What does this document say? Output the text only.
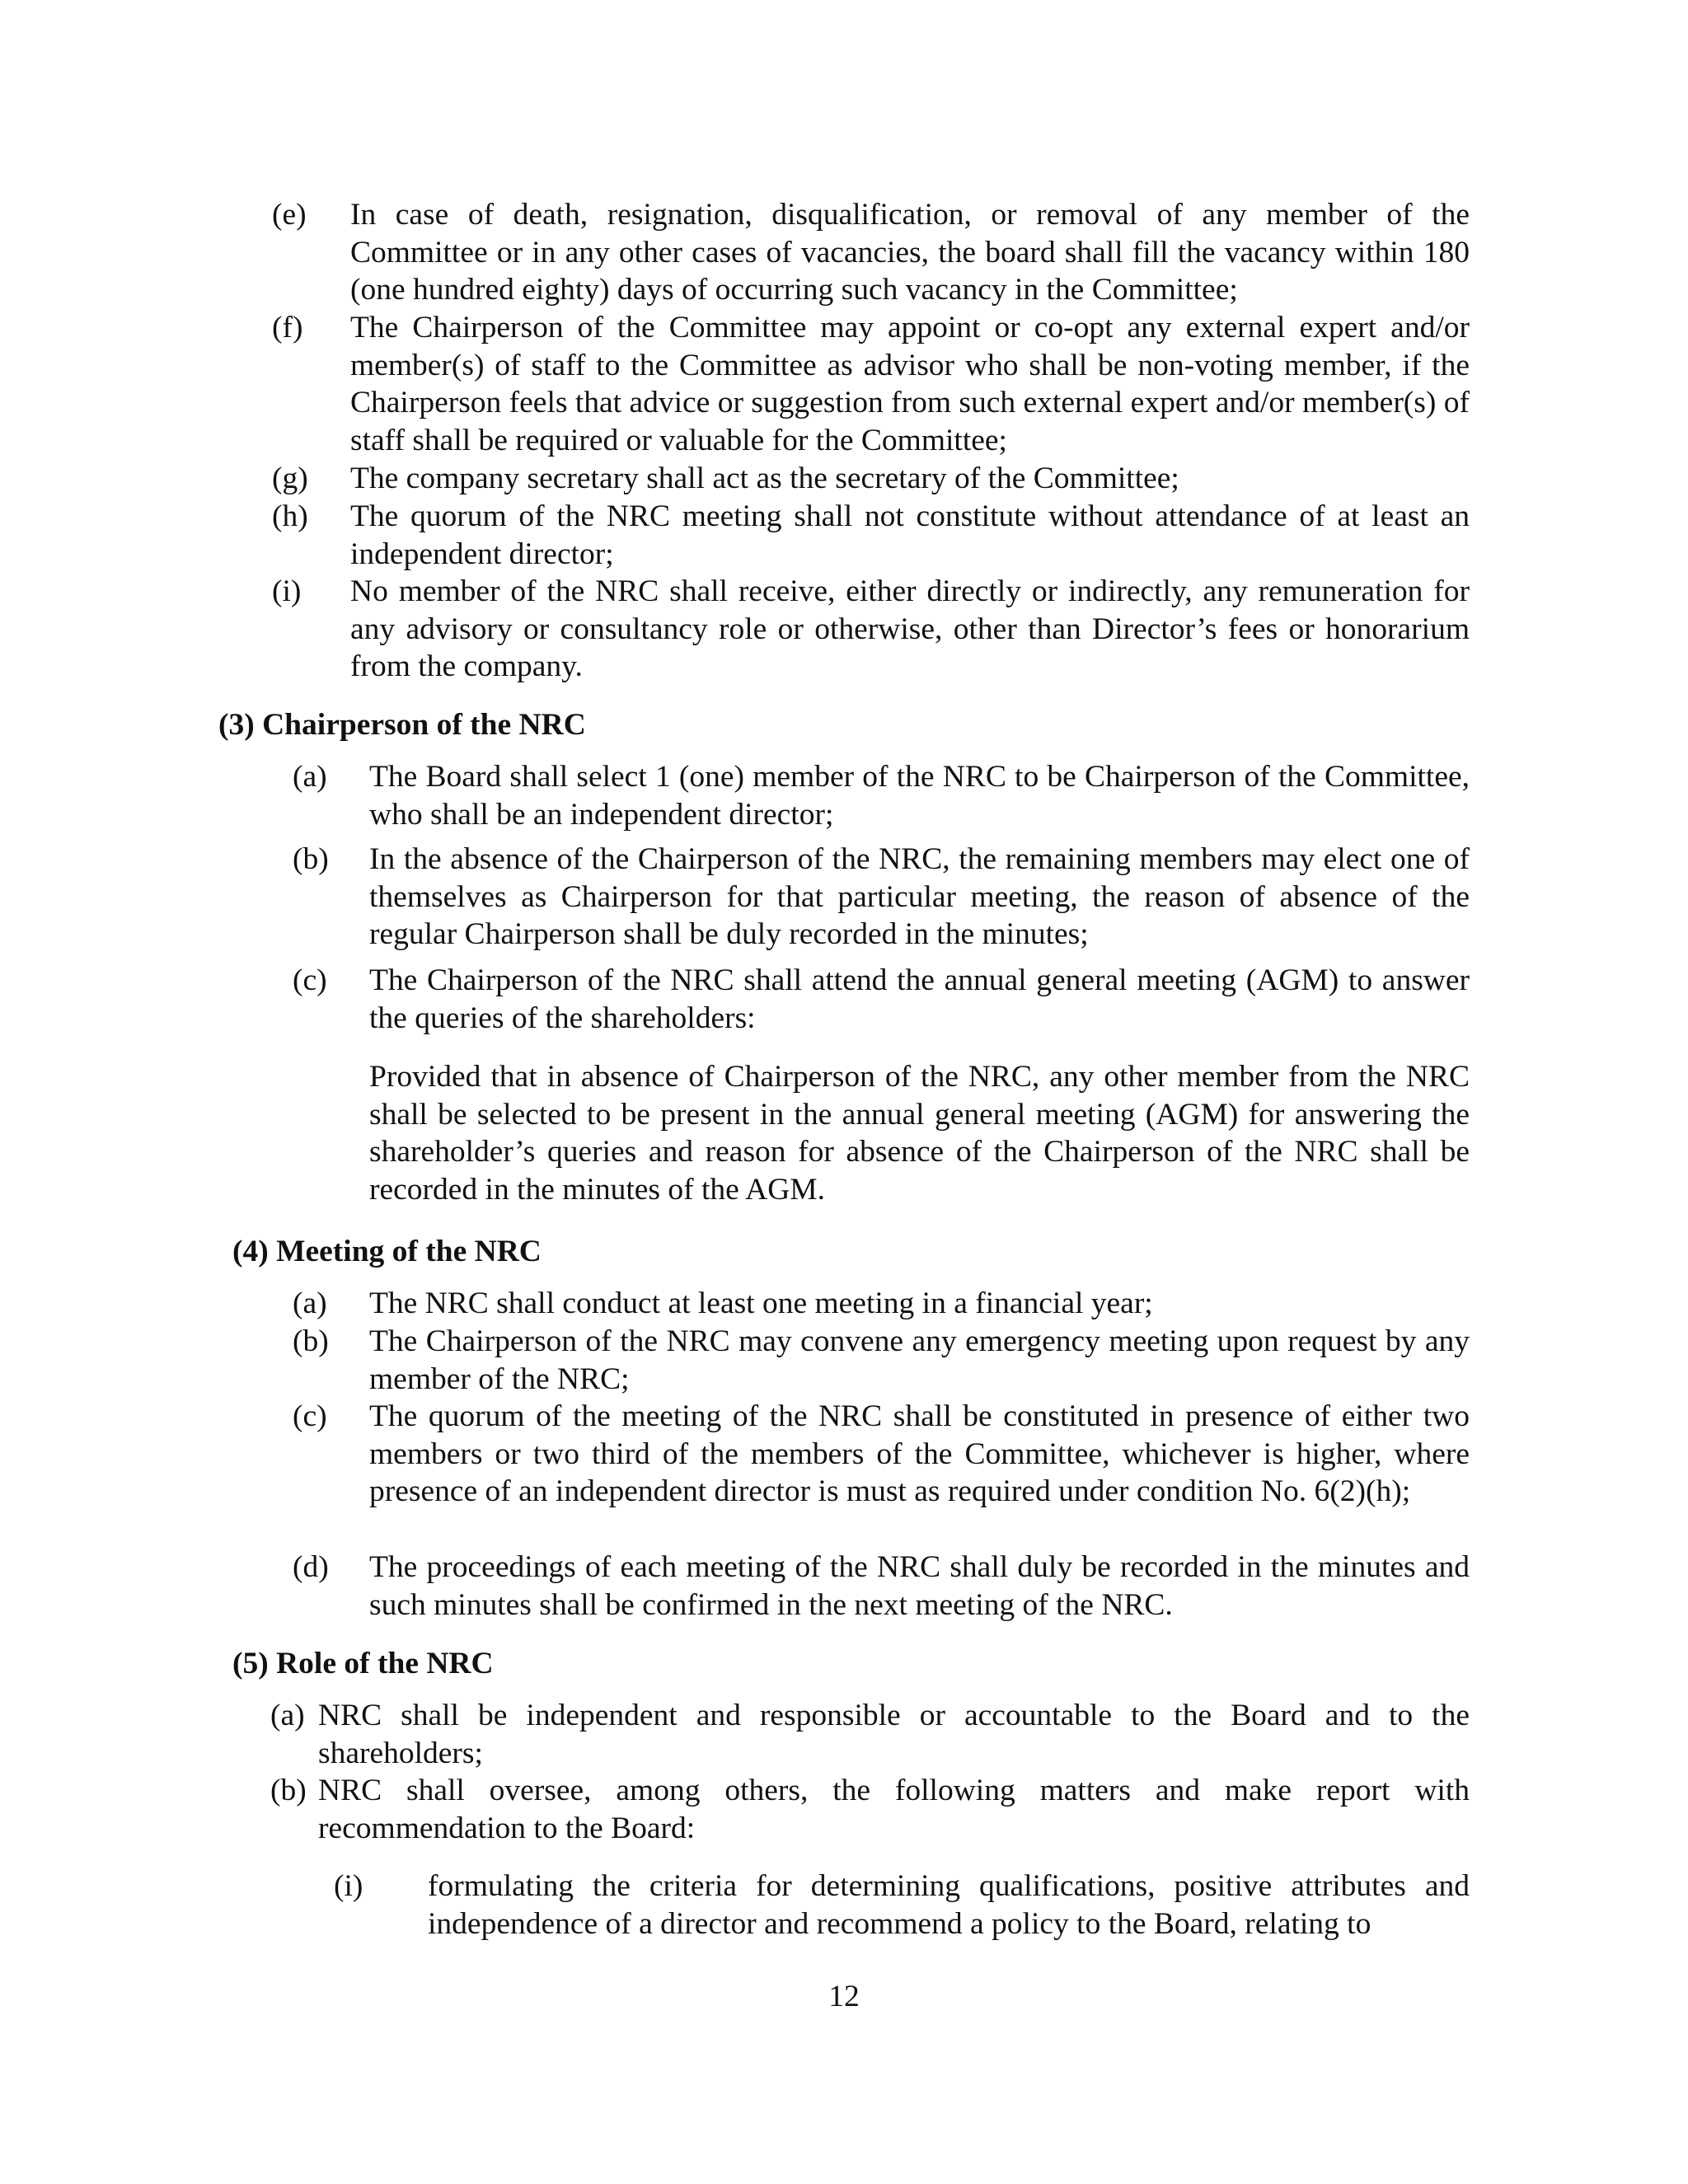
(e)	In case of death, resignation, disqualification, or removal of any member of the Committee or in any other cases of vacancies, the board shall fill the vacancy within 180 (one hundred eighty) days of occurring such vacancy in the Committee;
(f)	The Chairperson of the Committee may appoint or co-opt any external expert and/or member(s) of staff to the Committee as advisor who shall be non-voting member, if the Chairperson feels that advice or suggestion from such external expert and/or member(s) of staff shall be required or valuable for the Committee;
(g)	The company secretary shall act as the secretary of the Committee;
(h)	The quorum of the NRC meeting shall not constitute without attendance of at least an independent director;
(i)	No member of the NRC shall receive, either directly or indirectly, any remuneration for any advisory or consultancy role or otherwise, other than Director’s fees or honorarium from the company.
(3) Chairperson of the NRC
(a)	The Board shall select 1 (one) member of the NRC to be Chairperson of the Committee, who shall be an independent director;
(b)	In the absence of the Chairperson of the NRC, the remaining members may elect one of themselves as Chairperson for that particular meeting, the reason of absence of the regular Chairperson shall be duly recorded in the minutes;
(c)	The Chairperson of the NRC shall attend the annual general meeting (AGM) to answer the queries of the shareholders:
Provided that in absence of Chairperson of the NRC, any other member from the NRC shall be selected to be present in the annual general meeting (AGM) for answering the shareholder’s queries and reason for absence of the Chairperson of the NRC shall be recorded in the minutes of the AGM.
(4) Meeting of the NRC
(a)	The NRC shall conduct at least one meeting in a financial year;
(b)	The Chairperson of the NRC may convene any emergency meeting upon request by any member of the NRC;
(c)	The quorum of the meeting of the NRC shall be constituted in presence of either two members or two third of the members of the Committee, whichever is higher, where presence of an independent director is must as required under condition No. 6(2)(h);
(d)	The proceedings of each meeting of the NRC shall duly be recorded in the minutes and such minutes shall be confirmed in the next meeting of the NRC.
(5) Role of the NRC
(a) NRC shall be independent and responsible or accountable to the Board and to the shareholders;
(b) NRC shall oversee, among others, the following matters and make report with recommendation to the Board:
(i)	formulating the criteria for determining qualifications, positive attributes and independence of a director and recommend a policy to the Board, relating to
12
